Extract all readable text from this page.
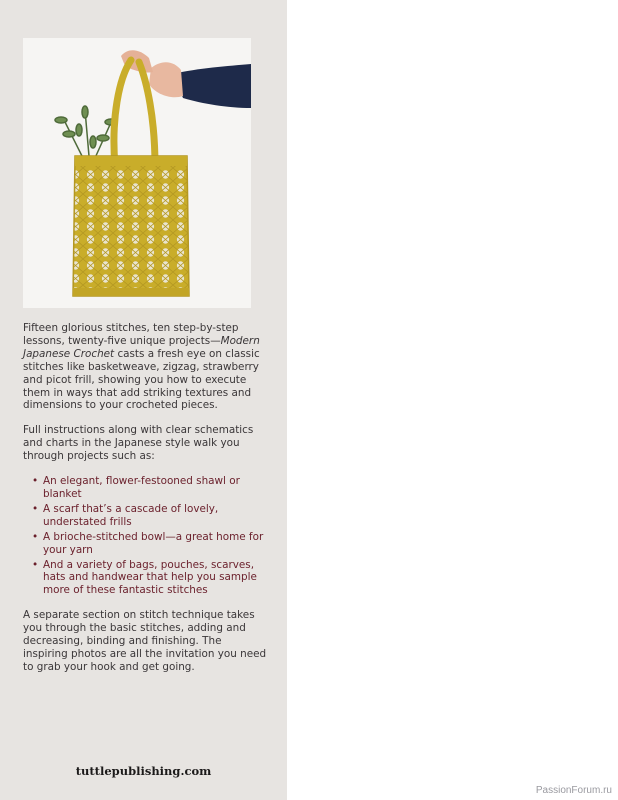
Fifteen glorious stitches, ten step-by-step lessons, twenty-five unique projects—Modern Japanese Crochet casts a fresh eye on classic stitches like basketweave, zigzag, strawberry and picot frill, showing you how to execute them in ways that add striking textures and dimensions to your crocheted pieces.

Full instructions along with clear schematics and charts in the Japanese style walk you through projects such as:

• An elegant, flower-festooned shawl or blanket
• A scarf that’s a cascade of lovely, understated frills
• A brioche-stitched bowl—a great home for your yarn
• And a variety of bags, pouches, scarves, hats and handwear that help you sample more of these fantastic stitches

A separate section on stitch technique takes you through the basic stitches, adding and decreasing, binding and finishing. The inspiring photos are all the invitation you need to grab your hook and get going.

tuttlepublishing.com
PassionForum.ru
